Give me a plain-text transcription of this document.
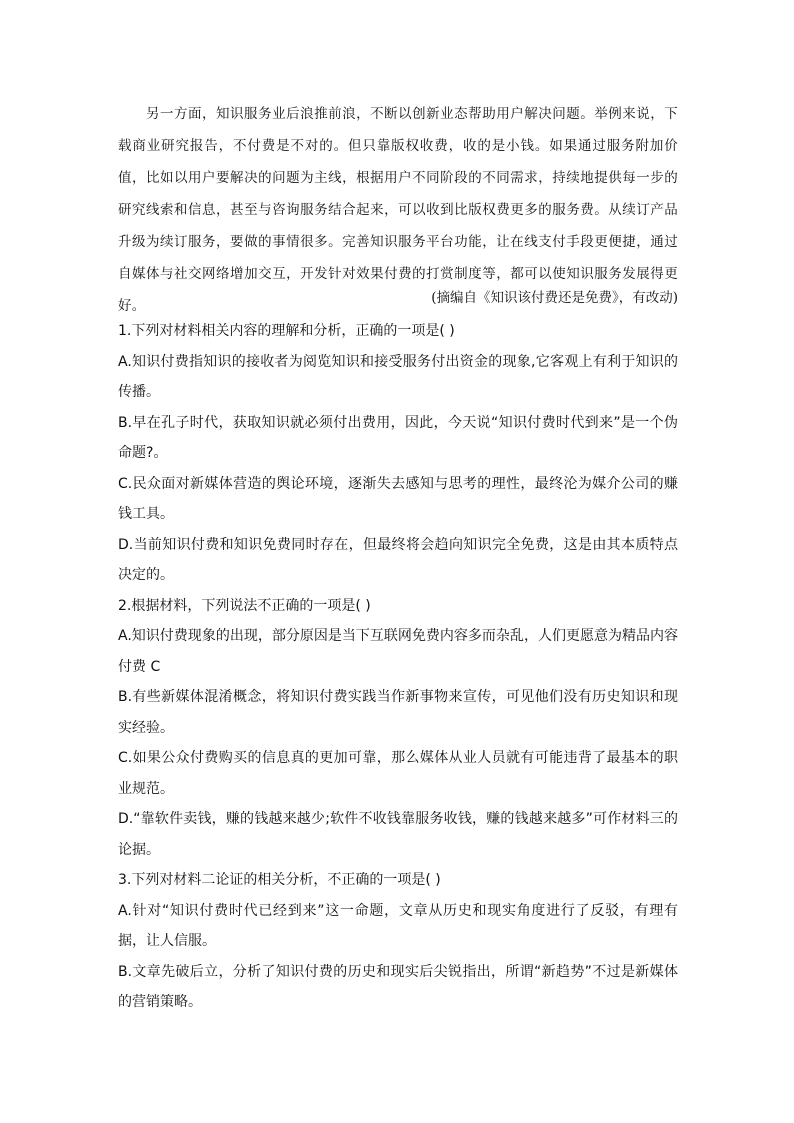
另一方面，知识服务业后浪推前浪，不断以创新业态帮助用户解决问题。举例来说，下载商业研究报告，不付费是不对的。但只靠版权收费，收的是小钱。如果通过服务附加价值，比如以用户要解决的问题为主线，根据用户不同阶段的不同需求，持续地提供每一步的研究线索和信息，甚至与咨询服务结合起来，可以收到比版权费更多的服务费。从续订产品升级为续订服务，要做的事情很多。完善知识服务平台功能，让在线支付手段更便捷，通过自媒体与社交网络增加交互，开发针对效果付费的打赏制度等，都可以使知识服务发展得更好。	(摘编自《知识该付费还是免费》，有改动)

1.下列对材料相关内容的理解和分析，正确的一项是( )

A.知识付费指知识的接收者为阅览知识和接受服务付出资金的现象,它客观上有利于知识的传播。

B.早在孔子时代，获取知识就必须付出费用，因此，今天说“知识付费时代到来”是一个伪命题?。

C.民众面对新媒体营造的舆论环境，逐渐失去感知与思考的理性，最终沦为媒介公司的赚钱工具。

D.当前知识付费和知识免费同时存在，但最终将会趋向知识完全免费，这是由其本质特点决定的。

2.根据材料，下列说法不正确的一项是( )

A.知识付费现象的出现，部分原因是当下互联网免费内容多而杂乱，人们更愿意为精品内容付费 C

B.有些新媒体混淆概念，将知识付费实践当作新事物来宣传，可见他们没有历史知识和现实经验。

C.如果公众付费购买的信息真的更加可靠，那么媒体从业人员就有可能违背了最基本的职业规范。

D.“靠软件卖钱，赚的钱越来越少;软件不收钱靠服务收钱，赚的钱越来越多”可作材料三的论据。

3.下列对材料二论证的相关分析，不正确的一项是( )

A.针对“知识付费时代已经到来”这一命题，文章从历史和现实角度进行了反驳，有理有据，让人信服。

B.文章先破后立，分析了知识付费的历史和现实后尖锐指出，所谓“新趋势”不过是新媒体的营销策略。
